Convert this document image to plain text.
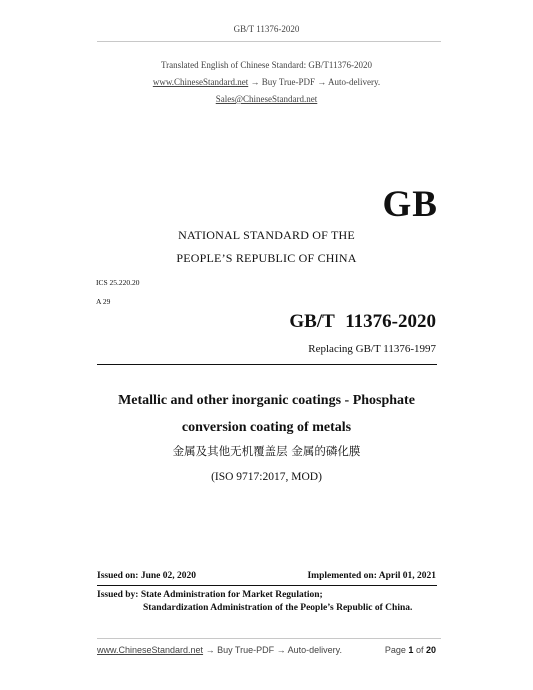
GB/T 11376-2020
Translated English of Chinese Standard: GB/T11376-2020
www.ChineseStandard.net → Buy True-PDF → Auto-delivery.
Sales@ChineseStandard.net
GB
NATIONAL STANDARD OF THE
PEOPLE’S REPUBLIC OF CHINA
ICS 25.220.20
A 29
GB/T 11376-2020
Replacing GB/T 11376-1997
Metallic and other inorganic coatings - Phosphate
conversion coating of metals
金属及其他无机覆盖层 金属的磷化膜
(ISO 9717:2017, MOD)
Issued on: June 02, 2020	Implemented on: April 01, 2021
Issued by: State Administration for Market Regulation;
Standardization Administration of the People’s Republic of China.
www.ChineseStandard.net → Buy True-PDF → Auto-delivery.	Page 1 of 20
